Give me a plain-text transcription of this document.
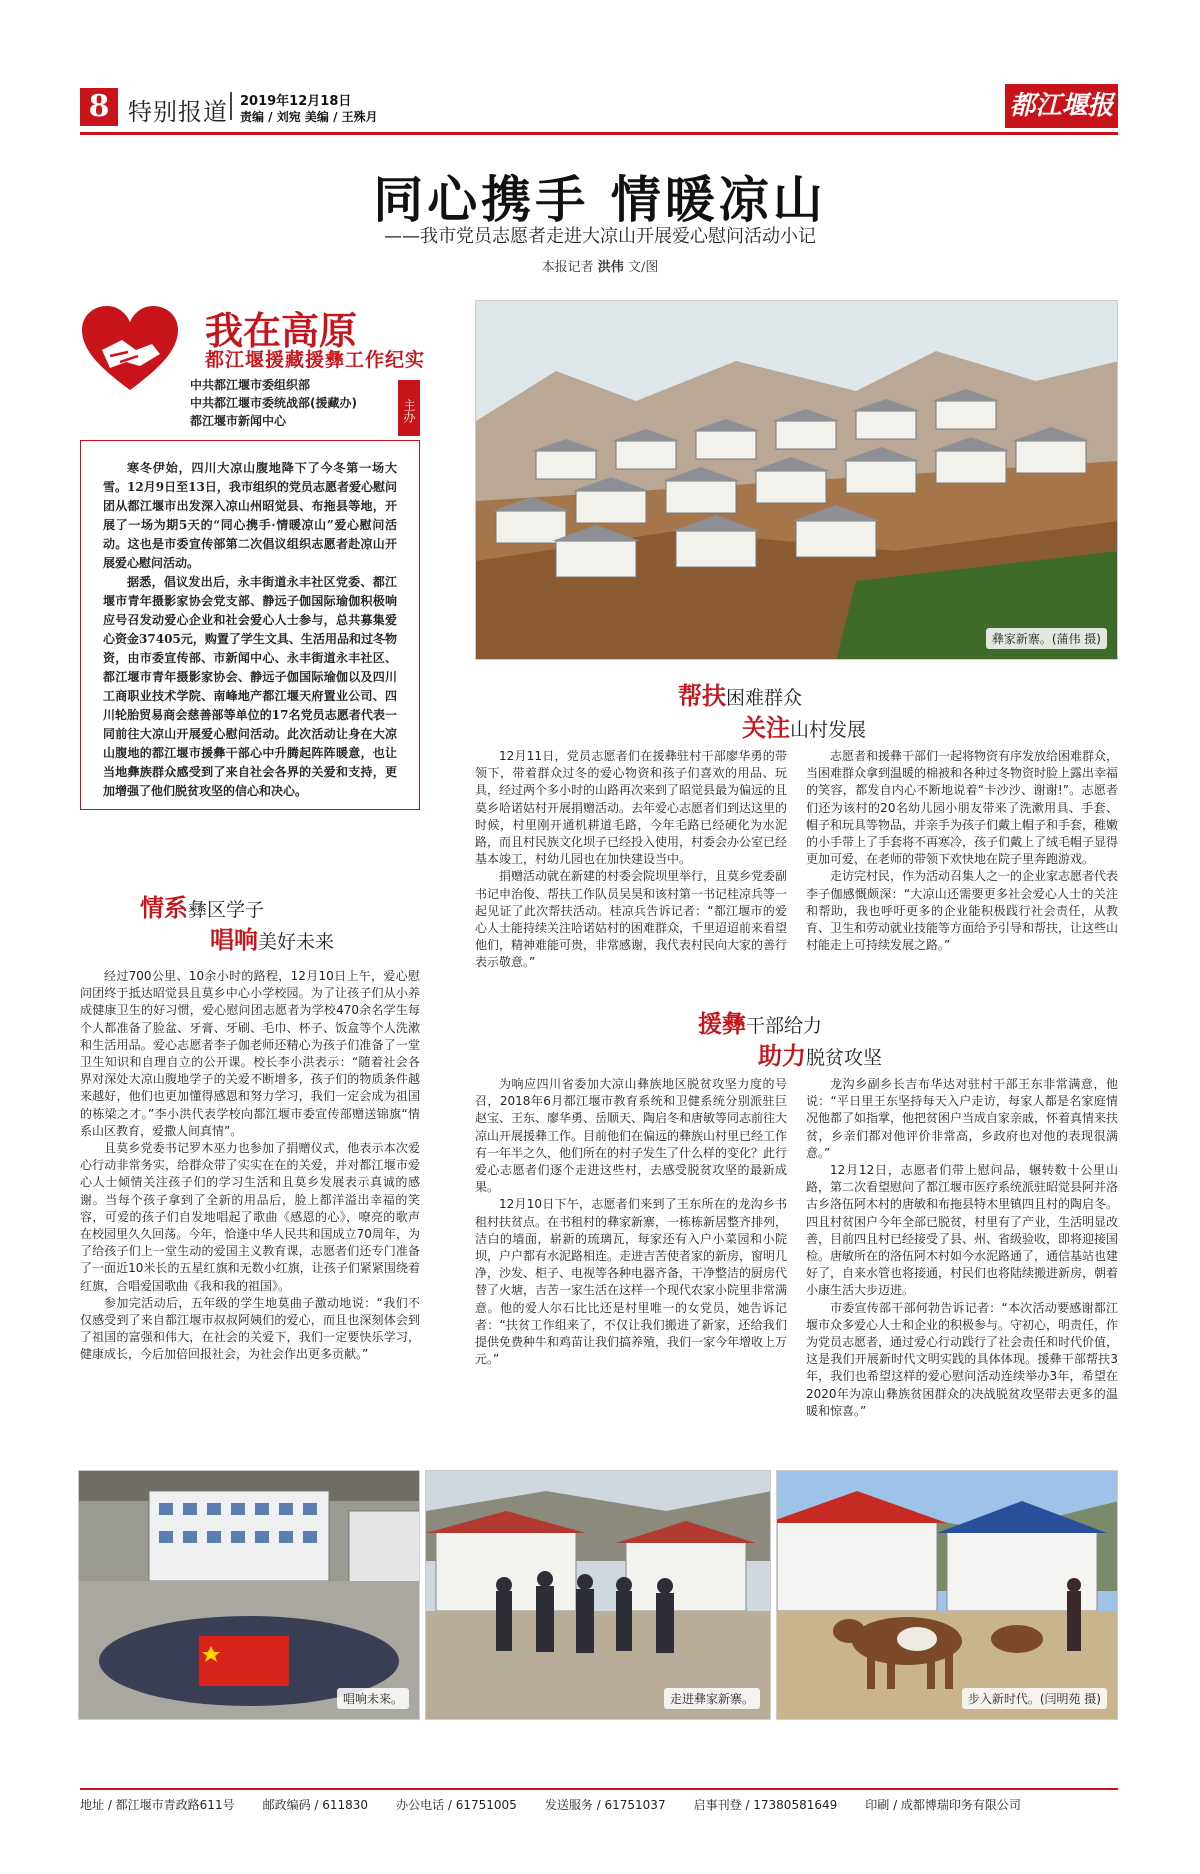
8 特别报道 2019年12月18日
责编 / 刘宛 美编 / 王殊月	都江堰报
同心携手 情暖凉山
——我市党员志愿者走进大凉山开展爱心慰问活动小记
本报记者 洪伟 文/图
我在高原
都江堰援藏援彝工作纪实
中共都江堰市委组织部
中共都江堰市委统战部(援藏办)
都江堰市新闻中心	主办

寒冬伊始，四川大凉山腹地降下了今冬第一场大雪。12月9日至13日，我市组织的党员志愿者爱心慰问团从都江堰市出发深入凉山州昭觉县、布拖县等地，开展了一场为期5天的“同心携手·情暖凉山”爱心慰问活动。这也是市委宣传部第二次倡议组织志愿者赴凉山开展爱心慰问活动。

据悉，倡议发出后，永丰街道永丰社区党委、都江堰市青年摄影家协会党支部、静远子伽国际瑜伽积极响应号召发动爱心企业和社会爱心人士参与，总共募集爱心资金37405元，购置了学生文具、生活用品和过冬物资，由市委宣传部、市新闻中心、永丰街道永丰社区、都江堰市青年摄影家协会、静远子伽国际瑜伽以及四川工商职业技术学院、南峰地产都江堰天府置业公司、四川轮胎贸易商会慈善部等单位的17名党员志愿者代表一同前往大凉山开展爱心慰问活动。此次活动让身在大凉山腹地的都江堰市援彝干部心中升腾起阵阵暖意，也让当地彝族群众感受到了来自社会各界的关爱和支持，更加增强了他们脱贫攻坚的信心和决心。

彝家新寨。(蒲伟 摄)
情系彝区学子
唱响美好未来

经过700公里、10余小时的路程，12月10日上午，爱心慰问团终于抵达昭觉县且莫乡中心小学校园。为了让孩子们从小养成健康卫生的好习惯，爱心慰问团志愿者为学校470余名学生每个人都准备了脸盆、牙膏、牙刷、毛巾、杯子、饭盒等个人洗漱和生活用品。爱心志愿者李子伽老师还精心为孩子们准备了一堂卫生知识和自理自立的公开课。校长李小洪表示：“随着社会各界对深处大凉山腹地学子的关爱不断增多，孩子们的物质条件越来越好，他们也更加懂得感恩和努力学习，我们一定会成为祖国的栋梁之才。”李小洪代表学校向都江堰市委宣传部赠送锦旗“情系山区教育，爱撒人间真情”。

且莫乡党委书记罗木巫力也参加了捐赠仪式，他表示本次爱心行动非常务实，给群众带了实实在在的关爱，并对都江堰市爱心人士倾情关注孩子们的学习生活和且莫乡发展表示真诚的感谢。当每个孩子拿到了全新的用品后，脸上都洋溢出幸福的笑容，可爱的孩子们自发地唱起了歌曲《感恩的心》，嘹亮的歌声在校园里久久回荡。今年，恰逢中华人民共和国成立70周年，为了给孩子们上一堂生动的爱国主义教育课，志愿者们还专门准备了一面近10米长的五星红旗和无数小红旗，让孩子们紧紧围绕着红旗，合唱爱国歌曲《我和我的祖国》。

参加完活动后，五年级的学生地莫曲子激动地说：“我们不仅感受到了来自都江堰市叔叔阿姨们的爱心，而且也深刻体会到了祖国的富强和伟大，在社会的关爱下，我们一定要快乐学习，健康成长，今后加倍回报社会，为社会作出更多贡献。”

帮扶困难群众
关注山村发展

12月11日，党员志愿者们在援彝驻村干部廖华勇的带领下，带着群众过冬的爱心物资和孩子们喜欢的用品、玩具，经过两个多小时的山路再次来到了昭觉县最为偏远的且莫乡哈诺姑村开展捐赠活动。去年爱心志愿者们到达这里的时候，村里刚开通机耕道毛路，今年毛路已经硬化为水泥路，而且村民族文化坝子已经投入使用，村委会办公室已经基本竣工，村幼儿园也在加快建设当中。

捐赠活动就在新建的村委会院坝里举行，且莫乡党委副书记申治俊、帮扶工作队员吴昊和该村第一书记桂凉兵等一起见证了此次帮扶活动。桂凉兵告诉记者：“都江堰市的爱心人士能持续关注哈诺姑村的困难群众，千里迢迢前来看望他们，精神难能可贵，非常感谢，我代表村民向大家的善行表示敬意。”

志愿者和援彝干部们一起将物资有序发放给困难群众，当困难群众拿到温暖的棉被和各种过冬物资时脸上露出幸福的笑容，都发自内心不断地说着“卡沙沙、谢谢!”。志愿者们还为该村的20名幼儿园小朋友带来了洗漱用具、手套、帽子和玩具等物品，并亲手为孩子们戴上帽子和手套，稚嫩的小手带上了手套将不再寒冷，孩子们戴上了绒毛帽子显得更加可爱，在老师的带领下欢快地在院子里奔跑游戏。

走访完村民，作为活动召集人之一的企业家志愿者代表李子伽感慨颇深：“大凉山还需要更多社会爱心人士的关注和帮助，我也呼吁更多的企业能积极践行社会责任，从教育、卫生和劳动就业技能等方面给予引导和帮扶，让这些山村能走上可持续发展之路。”

援彝干部给力
助力脱贫攻坚

为响应四川省委加大凉山彝族地区脱贫攻坚力度的号召，2018年6月都江堰市教育系统和卫健系统分别派驻巨赵宝、王东、廖华勇、岳顺天、陶启冬和唐敏等同志前往大凉山开展援彝工作。目前他们在偏远的彝族山村里已经工作有一年半之久，他们所在的村子发生了什么样的变化？此行爱心志愿者们逐个走进这些村，去感受脱贫攻坚的最新成果。

12月10日下午，志愿者们来到了王东所在的龙沟乡书租村扶贫点。在书租村的彝家新寨，一栋栋新居整齐排列，洁白的墙面，崭新的琉璃瓦，每家还有入户小菜园和小院坝，户户都有水泥路相连。走进吉苦使者家的新房，窗明几净，沙发、柜子、电视等各种电器齐备，干净整洁的厨房代替了火塘，吉苦一家生活在这样一个现代农家小院里非常满意。他的爱人尔石比比还是村里唯一的女党员，她告诉记者：“扶贫工作组来了，不仅让我们搬进了新家，还给我们提供免费种牛和鸡苗让我们搞养殖，我们一家今年增收上万元。”

龙沟乡副乡长吉布华达对驻村干部王东非常满意，他说：“平日里王东坚持每天入户走访，每家人都是名家庭情况他都了如指掌，他把贫困户当成自家亲戚，怀着真情来扶贫，乡亲们都对他评价非常高，乡政府也对他的表现很满意。”

12月12日，志愿者们带上慰问品，辗转数十公里山路，第二次看望慰问了都江堰市医疗系统派驻昭觉县阿并洛古乡洛伍阿木村的唐敏和布拖县特木里镇四且村的陶启冬。四且村贫困户今年全部已脱贫，村里有了产业，生活明显改善，目前四且村已经接受了县、州、省级验收，即将迎接国检。唐敏所在的洛伍阿木村如今水泥路通了，通信基站也建好了，自来水管也将接通，村民们也将陆续搬进新房，朝着小康生活大步迈进。

市委宣传部干部何勃告诉记者：“本次活动要感谢都江堰市众多爱心人士和企业的积极参与。守初心，明责任，作为党员志愿者，通过爱心行动践行了社会责任和时代价值，这是我们开展新时代文明实践的具体体现。援彝干部帮扶3年，我们也希望这样的爱心慰问活动连续举办3年，希望在2020年为凉山彝族贫困群众的决战脱贫攻坚带去更多的温暖和惊喜。”

唱响未来。	走进彝家新寨。	步入新时代。(闫明苑 摄)
地址 / 都江堰市青政路611号 邮政编码 / 611830 办公电话 / 61751005 发送服务 / 61751037 启事刊登 / 17380581649 印刷 / 成都博瑞印务有限公司
